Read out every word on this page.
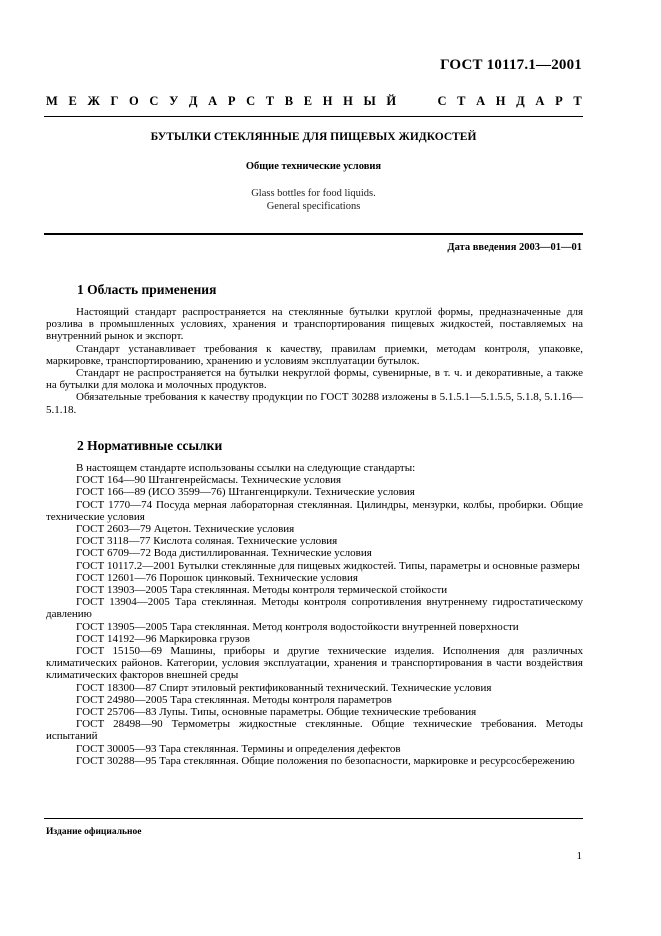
ГОСТ 10117.1—2001
М Е Ж Г О С У Д А Р С Т В Е Н Н Ы Й	С Т А Н Д А Р Т
БУТЫЛКИ СТЕКЛЯННЫЕ ДЛЯ ПИЩЕВЫХ ЖИДКОСТЕЙ
Общие технические условия
Glass bottles for food liquids.
General specifications
Дата введения 2003—01—01
1 Область применения

Настоящий стандарт распространяется на стеклянные бутылки круглой формы, предназначенные для розлива в промышленных условиях, хранения и транспортирования пищевых жидкостей, поставляемых на внутренний рынок и экспорт.

Стандарт устанавливает требования к качеству, правилам приемки, методам контроля, упаковке, маркировке, транспортированию, хранению и условиям эксплуатации бутылок.

Стандарт не распространяется на бутылки некруглой формы, сувенирные, в т. ч. и декоративные, а также на бутылки для молока и молочных продуктов.

Обязательные требования к качеству продукции по ГОСТ 30288 изложены в 5.1.5.1—5.1.5.5, 5.1.8, 5.1.16—5.1.18.

2 Нормативные ссылки

В настоящем стандарте использованы ссылки на следующие стандарты:

ГОСТ 164—90 Штангенрейсмасы. Технические условия

ГОСТ 166—89 (ИСО 3599—76) Штангенциркули. Технические условия

ГОСТ 1770—74 Посуда мерная лабораторная стеклянная. Цилиндры, мензурки, колбы, пробирки. Общие технические условия

ГОСТ 2603—79 Ацетон. Технические условия

ГОСТ 3118—77 Кислота соляная. Технические условия

ГОСТ 6709—72 Вода дистиллированная. Технические условия

ГОСТ 10117.2—2001 Бутылки стеклянные для пищевых жидкостей. Типы, параметры и основные размеры

ГОСТ 12601—76 Порошок цинковый. Технические условия

ГОСТ 13903—2005 Тара стеклянная. Методы контроля термической стойкости

ГОСТ 13904—2005 Тара стеклянная. Методы контроля сопротивления внутреннему гидростатическому давлению

ГОСТ 13905—2005 Тара стеклянная. Метод контроля водостойкости внутренней поверхности

ГОСТ 14192—96 Маркировка грузов

ГОСТ 15150—69 Машины, приборы и другие технические изделия. Исполнения для различных климатических районов. Категории, условия эксплуатации, хранения и транспортирования в части воздействия климатических факторов внешней среды

ГОСТ 18300—87 Спирт этиловый ректификованный технический. Технические условия

ГОСТ 24980—2005 Тара стеклянная. Методы контроля параметров

ГОСТ 25706—83 Лупы. Типы, основные параметры. Общие технические требования

ГОСТ 28498—90 Термометры жидкостные стеклянные. Общие технические требования. Методы испытаний

ГОСТ 30005—93 Тара стеклянная. Термины и определения дефектов

ГОСТ 30288—95 Тара стеклянная. Общие положения по безопасности, маркировке и ресурсосбережению

Издание официальное
1
